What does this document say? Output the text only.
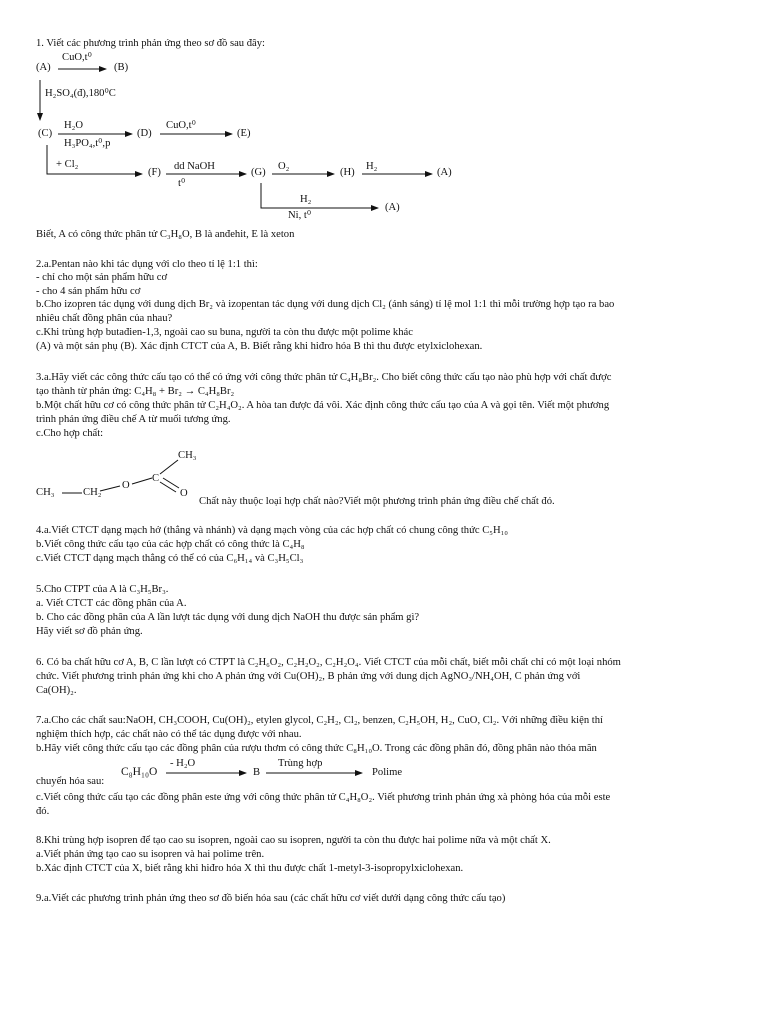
1. Viết các phương trình phản ứng theo sơ đồ sau đây:
(A)
CuO,t⁰
(B)
H₂SO₄(đ),180⁰C
(C)
H₂O
H₃PO₄,t⁰,p
(D)
CuO,t⁰
(E)
+ Cl₂
(F)
dd NaOH
t⁰
(G)
O₂
(H)
H₂
(A)
H₂
Ni, t⁰
(A)
Biết, A có công thức phân tử C₃H₈O, B là anđehit, E là xeton
2.a.Pentan nào khi tác dụng với clo theo tỉ lệ 1:1 thì:
- chỉ cho một sản phẩm hữu cơ
- cho 4 sản phẩm hữu cơ
b.Cho izopren tác dụng với dung dịch Br₂ và izopentan tác dụng với dung dịch Cl₂ (ánh sáng) tỉ lệ mol 1:1 thì mỗi trường hợp tạo ra bao
nhiêu chất đồng phân của nhau?
c.Khi trùng hợp butađien-1,3, ngoài cao su buna, người ta còn thu được một polime khác
(A) và một sản phụ (B). Xác định CTCT của A, B. Biết rằng khi hiđro hóa B thì thu được etylxiclohexan.
3.a.Hãy viết các công thức cấu tạo có thể có ứng với công thức phân tử C₄H₈Br₂. Cho biết công thức cấu tạo nào phù hợp với chất được
tạo thành từ phản ứng: C₄H₈ + Br₂ → C₄H₈Br₂
b.Một chất hữu cơ có công thức phân tử C₂H₄O₂. A hòa tan được đá vôi. Xác định công thức cấu tạo của A và gọi tên. Viết một phương
trình phản ứng điều chế A từ muối tương ứng.
c.Cho hợp chất:
CH₃
CH₃	CH₂
O
C
O
Chất này thuộc loại hợp chất nào?Viết một phương trình phản ứng điều chế chất đó.
4.a.Viết CTCT dạng mạch hở (thẳng và nhánh) và dạng mạch vòng của các hợp chất có chung công thức C₅H₁₀
b.Viết công thức cấu tạo của các hợp chất có công thức là C₄H₈
c.Viết CTCT dạng mạch thẳng có thể có của C₆H₁₄ và C₃H₅Cl₃
5.Cho CTPT của A là C₃H₅Br₃.
a. Viết CTCT các đồng phân của A.
b. Cho các đồng phân của A lần lượt tác dụng với dung dịch NaOH thu được sản phẩm gì?
Hãy viết sơ đồ phản ứng.
6. Có ba chất hữu cơ A, B, C lần lượt có CTPT là C₂H₆O₂, C₂H₂O₂, C₂H₂O₄. Viết CTCT của mỗi chất, biết mỗi chất chỉ có một loại nhóm
chức. Viết phương trình phản ứng khi cho A phản ứng với Cu(OH)₂, B phản ứng với dung dịch AgNO₃/NH₄OH, C phản ứng với
Ca(OH)₂.
7.a.Cho các chất sau:NaOH, CH₃COOH, Cu(OH)₂, etylen glycol, C₂H₂, Cl₂, benzen, C₂H₅OH, H₂, CuO, Cl₂. Với những điều kiện thí
nghiệm thích hợp, các chất nào có thể tác dụng được với nhau.
b.Hãy viết công thức cấu tạo các đồng phân của rượu thơm có công thức C₈H₁₀O. Trong các đồng phân đó, đồng phân nào thỏa mãn
chuyển hóa sau:
C₈H₁₀O
- H₂O
B
Trùng hợp
Polime
c.Viết công thức cấu tạo các đồng phân este ứng với công thức phân tử C₄H₈O₂. Viết phương trình phản ứng xà phòng hóa của mỗi este
đó.
8.Khi trùng hợp isopren để tạo cao su isopren, ngoài cao su isopren, người ta còn thu được hai polime nữa và một chất X.
a.Viết phản ứng tạo cao su isopren và hai polime trên.
b.Xác định CTCT của X, biết rằng khi hiđro hóa X thì thu được chất 1-metyl-3-isopropylxiclohexan.
9.a.Viết các phương trình phản ứng theo sơ đồ biến hóa sau (các chất hữu cơ viết dưới dạng công thức cấu tạo)
